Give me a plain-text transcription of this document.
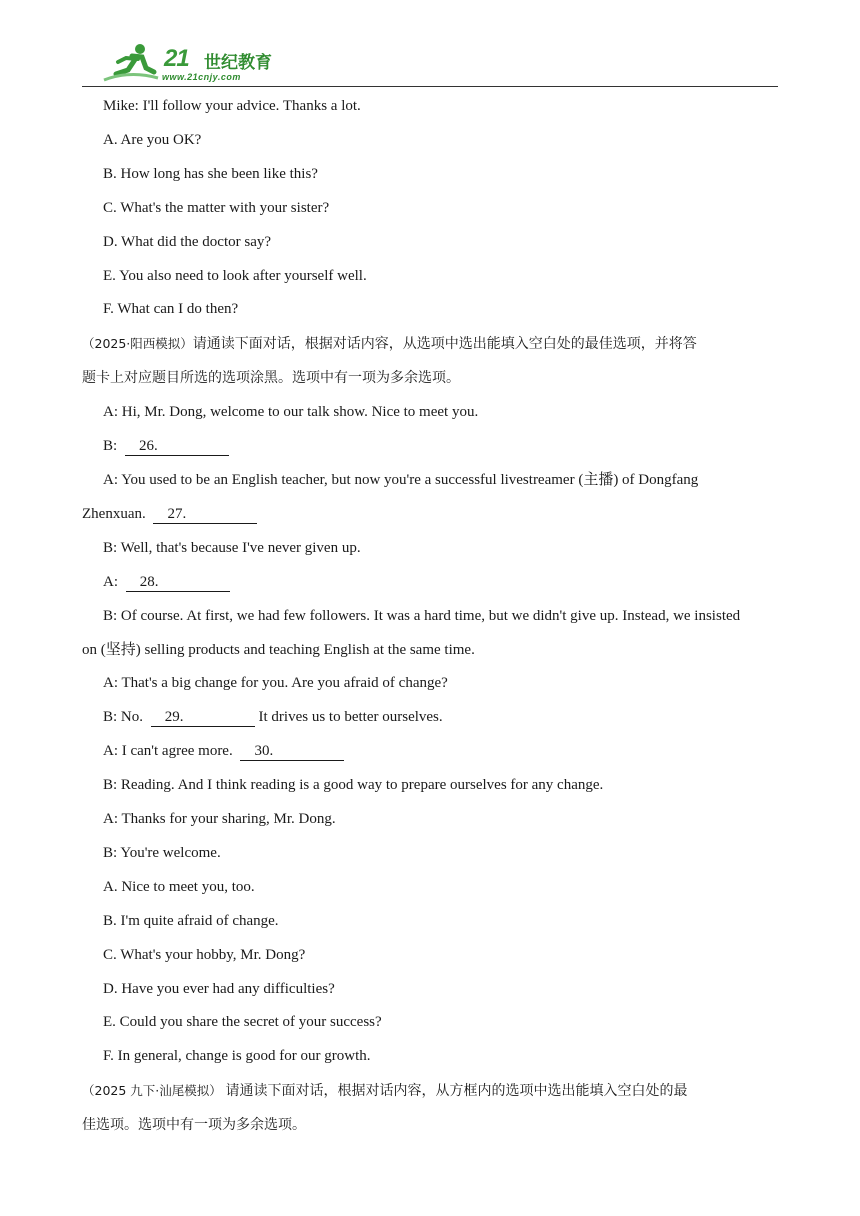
21 世纪教育
www.21cnjy.com
Mike: I'll follow your advice. Thanks a lot.
A. Are you OK?
B. How long has she been like this?
C. What's the matter with your sister?
D. What did the doctor say?
E. You also need to look after yourself well.
F. What can I do then?
（2025·阳西模拟）请通读下面对话，根据对话内容，从选项中选出能填入空白处的最佳选项，并将答
题卡上对应题目所选的选项涂黑。选项中有一项为多余选项。
A: Hi, Mr. Dong, welcome to our talk show. Nice to meet you.
B: 26.
A: You used to be an English teacher, but now you're a successful livestreamer (主播) of Dongfang
Zhenxuan. 27.
B: Well, that's because I've never given up.
A: 28.
B: Of course. At first, we had few followers. It was a hard time, but we didn't give up. Instead, we insisted
on (坚持) selling products and teaching English at the same time.
A: That's a big change for you. Are you afraid of change?
B: No. 29.	It drives us to better ourselves.
A: I can't agree more. 30.
B: Reading. And I think reading is a good way to prepare ourselves for any change.
A: Thanks for your sharing, Mr. Dong.
B: You're welcome.
A. Nice to meet you, too.
B. I'm quite afraid of change.
C. What's your hobby, Mr. Dong?
D. Have you ever had any difficulties?
E. Could you share the secret of your success?
F. In general, change is good for our growth.
（2025 九下·汕尾模拟） 请通读下面对话，根据对话内容，从方框内的选项中选出能填入空白处的最
佳选项。选项中有一项为多余选项。
